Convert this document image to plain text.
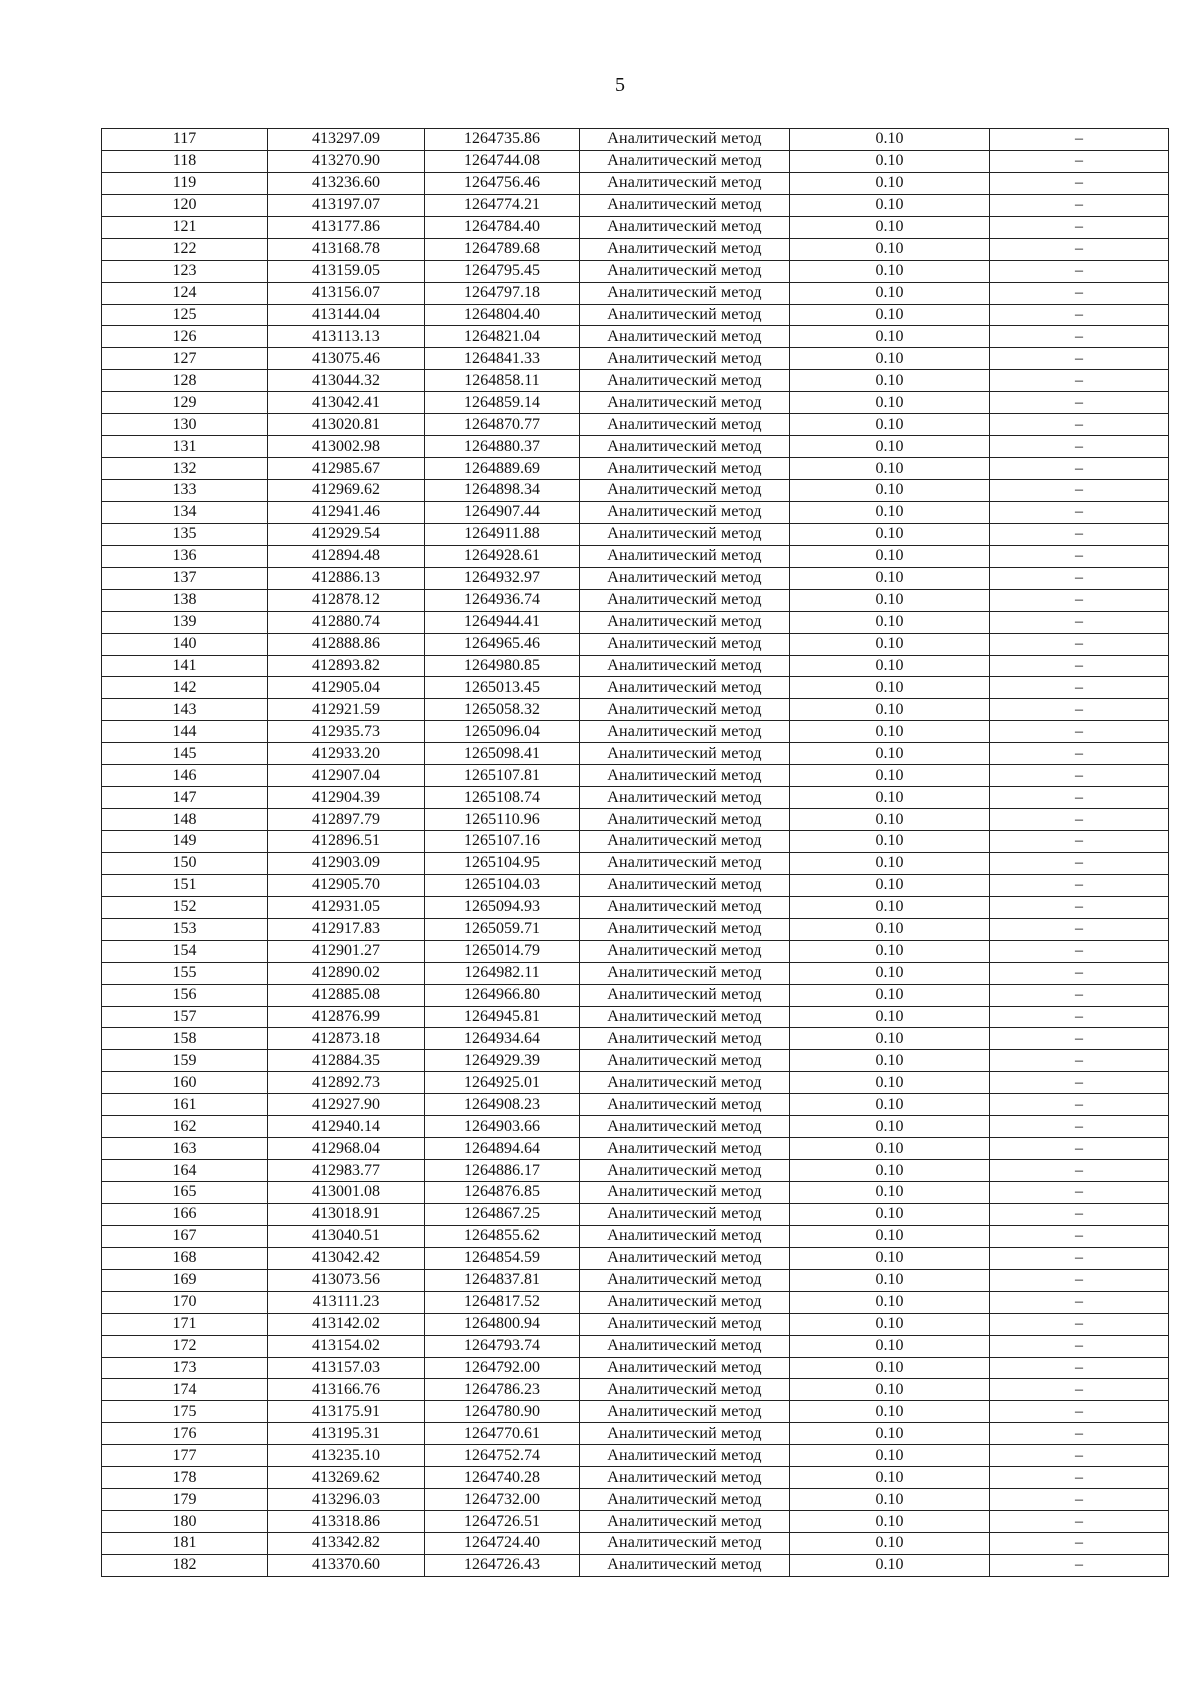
5
117	413297.09	1264735.86	Аналитический метод	0.10	–
118	413270.90	1264744.08	Аналитический метод	0.10	–
119	413236.60	1264756.46	Аналитический метод	0.10	–
120	413197.07	1264774.21	Аналитический метод	0.10	–
121	413177.86	1264784.40	Аналитический метод	0.10	–
122	413168.78	1264789.68	Аналитический метод	0.10	–
123	413159.05	1264795.45	Аналитический метод	0.10	–
124	413156.07	1264797.18	Аналитический метод	0.10	–
125	413144.04	1264804.40	Аналитический метод	0.10	–
126	413113.13	1264821.04	Аналитический метод	0.10	–
127	413075.46	1264841.33	Аналитический метод	0.10	–
128	413044.32	1264858.11	Аналитический метод	0.10	–
129	413042.41	1264859.14	Аналитический метод	0.10	–
130	413020.81	1264870.77	Аналитический метод	0.10	–
131	413002.98	1264880.37	Аналитический метод	0.10	–
132	412985.67	1264889.69	Аналитический метод	0.10	–
133	412969.62	1264898.34	Аналитический метод	0.10	–
134	412941.46	1264907.44	Аналитический метод	0.10	–
135	412929.54	1264911.88	Аналитический метод	0.10	–
136	412894.48	1264928.61	Аналитический метод	0.10	–
137	412886.13	1264932.97	Аналитический метод	0.10	–
138	412878.12	1264936.74	Аналитический метод	0.10	–
139	412880.74	1264944.41	Аналитический метод	0.10	–
140	412888.86	1264965.46	Аналитический метод	0.10	–
141	412893.82	1264980.85	Аналитический метод	0.10	–
142	412905.04	1265013.45	Аналитический метод	0.10	–
143	412921.59	1265058.32	Аналитический метод	0.10	–
144	412935.73	1265096.04	Аналитический метод	0.10	–
145	412933.20	1265098.41	Аналитический метод	0.10	–
146	412907.04	1265107.81	Аналитический метод	0.10	–
147	412904.39	1265108.74	Аналитический метод	0.10	–
148	412897.79	1265110.96	Аналитический метод	0.10	–
149	412896.51	1265107.16	Аналитический метод	0.10	–
150	412903.09	1265104.95	Аналитический метод	0.10	–
151	412905.70	1265104.03	Аналитический метод	0.10	–
152	412931.05	1265094.93	Аналитический метод	0.10	–
153	412917.83	1265059.71	Аналитический метод	0.10	–
154	412901.27	1265014.79	Аналитический метод	0.10	–
155	412890.02	1264982.11	Аналитический метод	0.10	–
156	412885.08	1264966.80	Аналитический метод	0.10	–
157	412876.99	1264945.81	Аналитический метод	0.10	–
158	412873.18	1264934.64	Аналитический метод	0.10	–
159	412884.35	1264929.39	Аналитический метод	0.10	–
160	412892.73	1264925.01	Аналитический метод	0.10	–
161	412927.90	1264908.23	Аналитический метод	0.10	–
162	412940.14	1264903.66	Аналитический метод	0.10	–
163	412968.04	1264894.64	Аналитический метод	0.10	–
164	412983.77	1264886.17	Аналитический метод	0.10	–
165	413001.08	1264876.85	Аналитический метод	0.10	–
166	413018.91	1264867.25	Аналитический метод	0.10	–
167	413040.51	1264855.62	Аналитический метод	0.10	–
168	413042.42	1264854.59	Аналитический метод	0.10	–
169	413073.56	1264837.81	Аналитический метод	0.10	–
170	413111.23	1264817.52	Аналитический метод	0.10	–
171	413142.02	1264800.94	Аналитический метод	0.10	–
172	413154.02	1264793.74	Аналитический метод	0.10	–
173	413157.03	1264792.00	Аналитический метод	0.10	–
174	413166.76	1264786.23	Аналитический метод	0.10	–
175	413175.91	1264780.90	Аналитический метод	0.10	–
176	413195.31	1264770.61	Аналитический метод	0.10	–
177	413235.10	1264752.74	Аналитический метод	0.10	–
178	413269.62	1264740.28	Аналитический метод	0.10	–
179	413296.03	1264732.00	Аналитический метод	0.10	–
180	413318.86	1264726.51	Аналитический метод	0.10	–
181	413342.82	1264724.40	Аналитический метод	0.10	–
182	413370.60	1264726.43	Аналитический метод	0.10	–
